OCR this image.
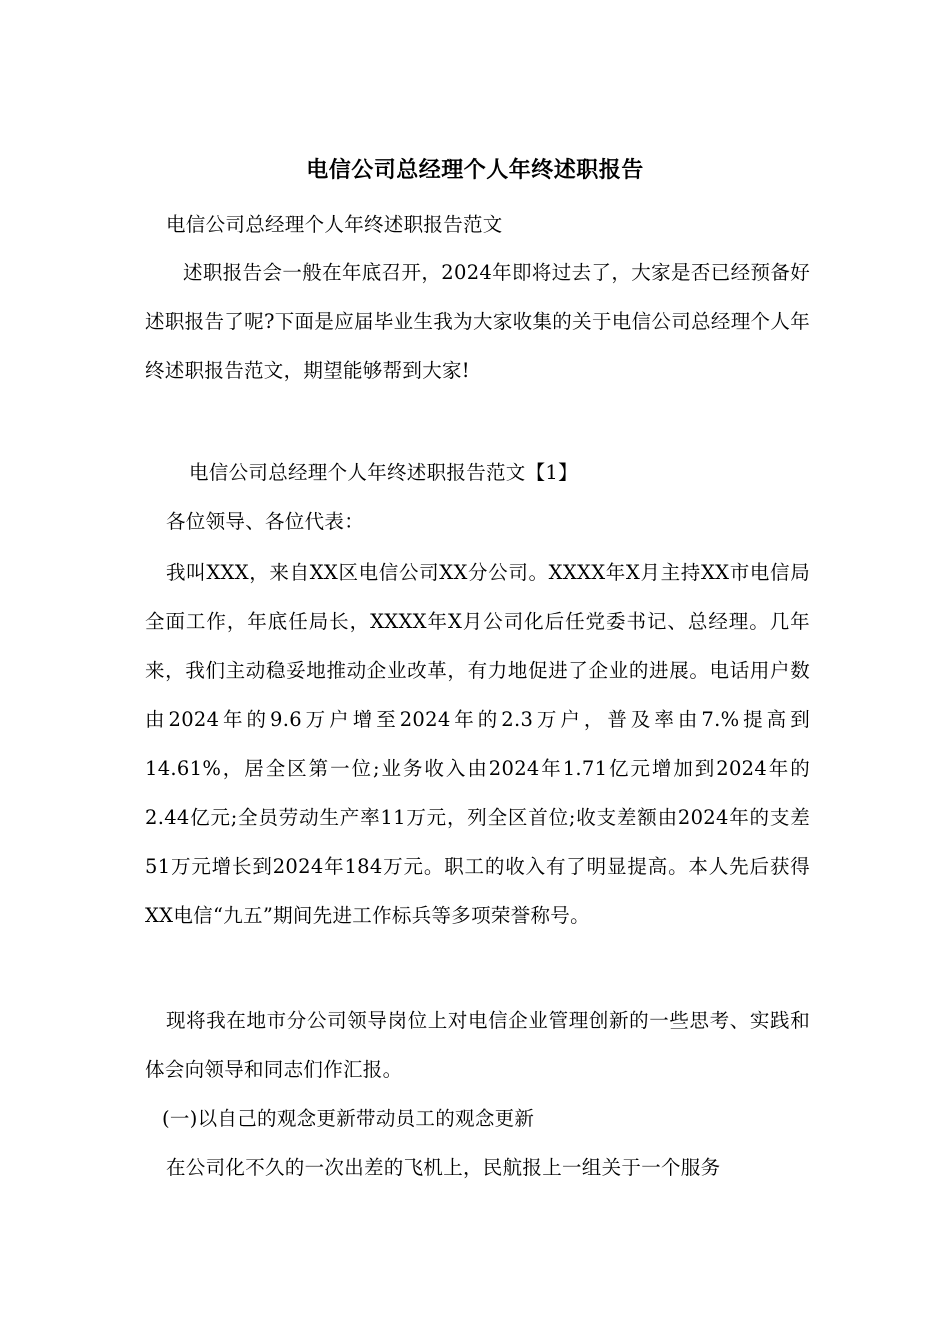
电信公司总经理个人年终述职报告

电信公司总经理个人年终述职报告范文

述职报告会一般在年底召开，2024年即将过去了，大家是否已经预备好述职报告了呢?下面是应届毕业生我为大家收集的关于电信公司总经理个人年终述职报告范文，期望能够帮到大家!

电信公司总经理个人年终述职报告范文【1】

各位领导、各位代表：

我叫XXX，来自XX区电信公司XX分公司。XXXX年X月主持XX市电信局全面工作，年底任局长，XXXX年X月公司化后任党委书记、总经理。几年来，我们主动稳妥地推动企业改革，有力地促进了企业的进展。电话用户数由2024年的9.6万户增至2024年的2.3万户，普及率由7.%提高到14.61%，居全区第一位;业务收入由2024年1.71亿元增加到2024年的2.44亿元;全员劳动生产率11万元，列全区首位;收支差额由2024年的支差51万元增长到2024年184万元。职工的收入有了明显提高。本人先后获得XX电信“九五”期间先进工作标兵等多项荣誉称号。

现将我在地市分公司领导岗位上对电信企业管理创新的一些思考、实践和体会向领导和同志们作汇报。

(一)以自己的观念更新带动员工的观念更新

在公司化不久的一次出差的飞机上，民航报上一组关于一个服务
